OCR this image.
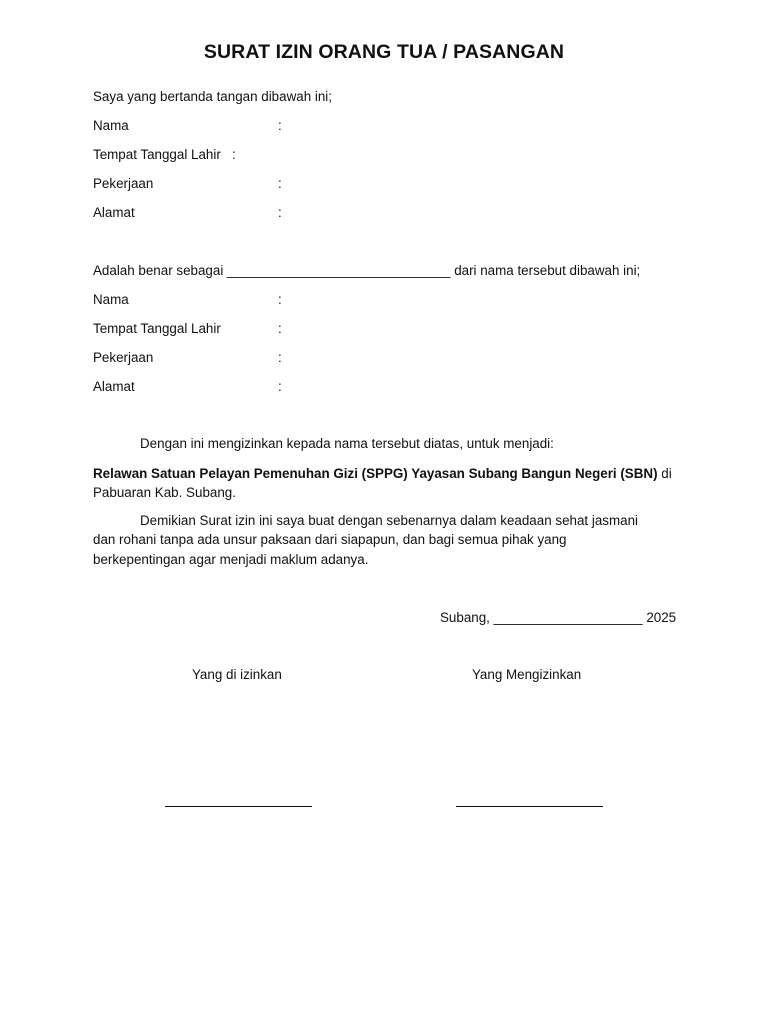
SURAT IZIN ORANG TUA / PASANGAN
Saya yang bertanda tangan dibawah ini;
Nama	:
Tempat Tanggal Lahir :
Pekerjaan	:
Alamat	:
Adalah benar sebagai ______________________________ dari nama tersebut dibawah ini;
Nama	:
Tempat Tanggal Lahir	:
Pekerjaan	:
Alamat	:
Dengan ini mengizinkan kepada nama tersebut diatas, untuk menjadi:
Relawan Satuan Pelayan Pemenuhan Gizi (SPPG) Yayasan Subang Bangun Negeri (SBN) di
Pabuaran Kab. Subang.
Demikian Surat izin ini saya buat dengan sebenarnya dalam keadaan sehat jasmani
dan rohani tanpa ada unsur paksaan dari siapapun, dan bagi semua pihak yang
berkepentingan agar menjadi maklum adanya.
Subang, ____________________ 2025
Yang di izinkan	Yang Mengizinkan
